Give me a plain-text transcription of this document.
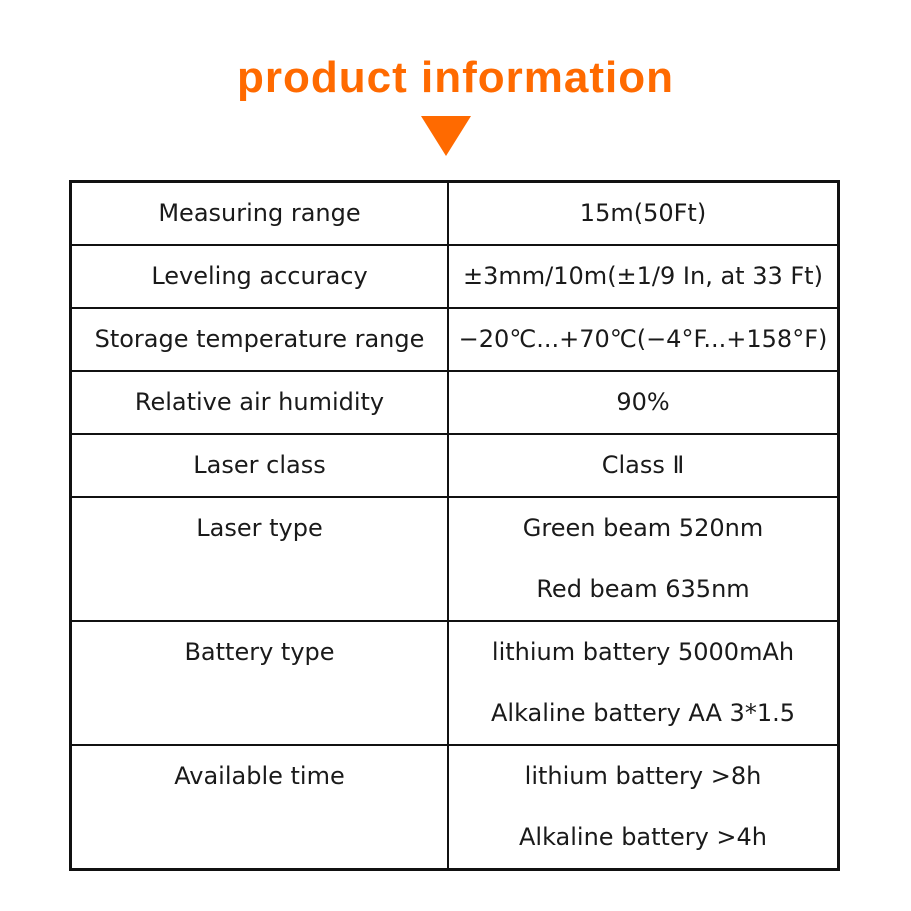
product information
Measuring range	15m(50Ft)

Leveling accuracy	±3mm/10m(±1/9 In, at 33 Ft)

Storage temperature range	−20℃...+70℃(−4°F...+158°F)

Relative air humidity	90%

Laser class	Class Ⅱ

Laser type	Green beam 520nm
Red beam 635nm

Battery type	lithium battery 5000mAh
Alkaline battery AA 3*1.5

Available time	lithium battery >8h
Alkaline battery >4h
